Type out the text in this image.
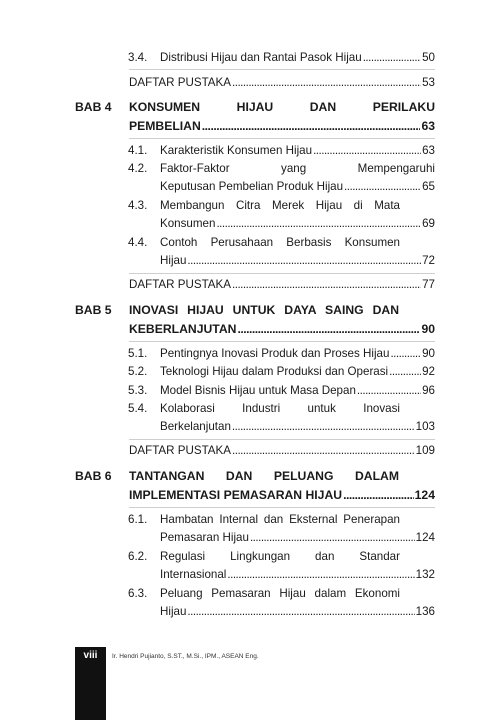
3.4. Distribusi Hijau dan Rantai Pasok Hijau .....	50
DAFTAR PUSTAKA .....	53
BAB 4 KONSUMEN HIJAU DAN PERILAKU
PEMBELIAN .....	63
4.1. Karakteristik Konsumen Hijau .....	63
4.2. Faktor-Faktor yang Mempengaruhi
Keputusan Pembelian Produk Hijau .....	65
4.3. Membangun Citra Merek Hijau di Mata
Konsumen .....	69
4.4. Contoh Perusahaan Berbasis Konsumen
Hijau .....	72
DAFTAR PUSTAKA .....	77
BAB 5 INOVASI HIJAU UNTUK DAYA SAING DAN
KEBERLANJUTAN .....	90
5.1. Pentingnya Inovasi Produk dan Proses Hijau .....	90
5.2. Teknologi Hijau dalam Produksi dan Operasi .....	92
5.3. Model Bisnis Hijau untuk Masa Depan .....	96
5.4. Kolaborasi Industri untuk Inovasi
Berkelanjutan .....	103
DAFTAR PUSTAKA .....	109
BAB 6 TANTANGAN DAN PELUANG DALAM
IMPLEMENTASI PEMASARAN HIJAU .....	124
6.1. Hambatan Internal dan Eksternal Penerapan
Pemasaran Hijau .....	124
6.2. Regulasi Lingkungan dan Standar
Internasional .....	132
6.3. Peluang Pemasaran Hijau dalam Ekonomi
Hijau .....	136
viii	Ir. Hendri Pujianto, S.ST., M.Si., IPM., ASEAN Eng.
